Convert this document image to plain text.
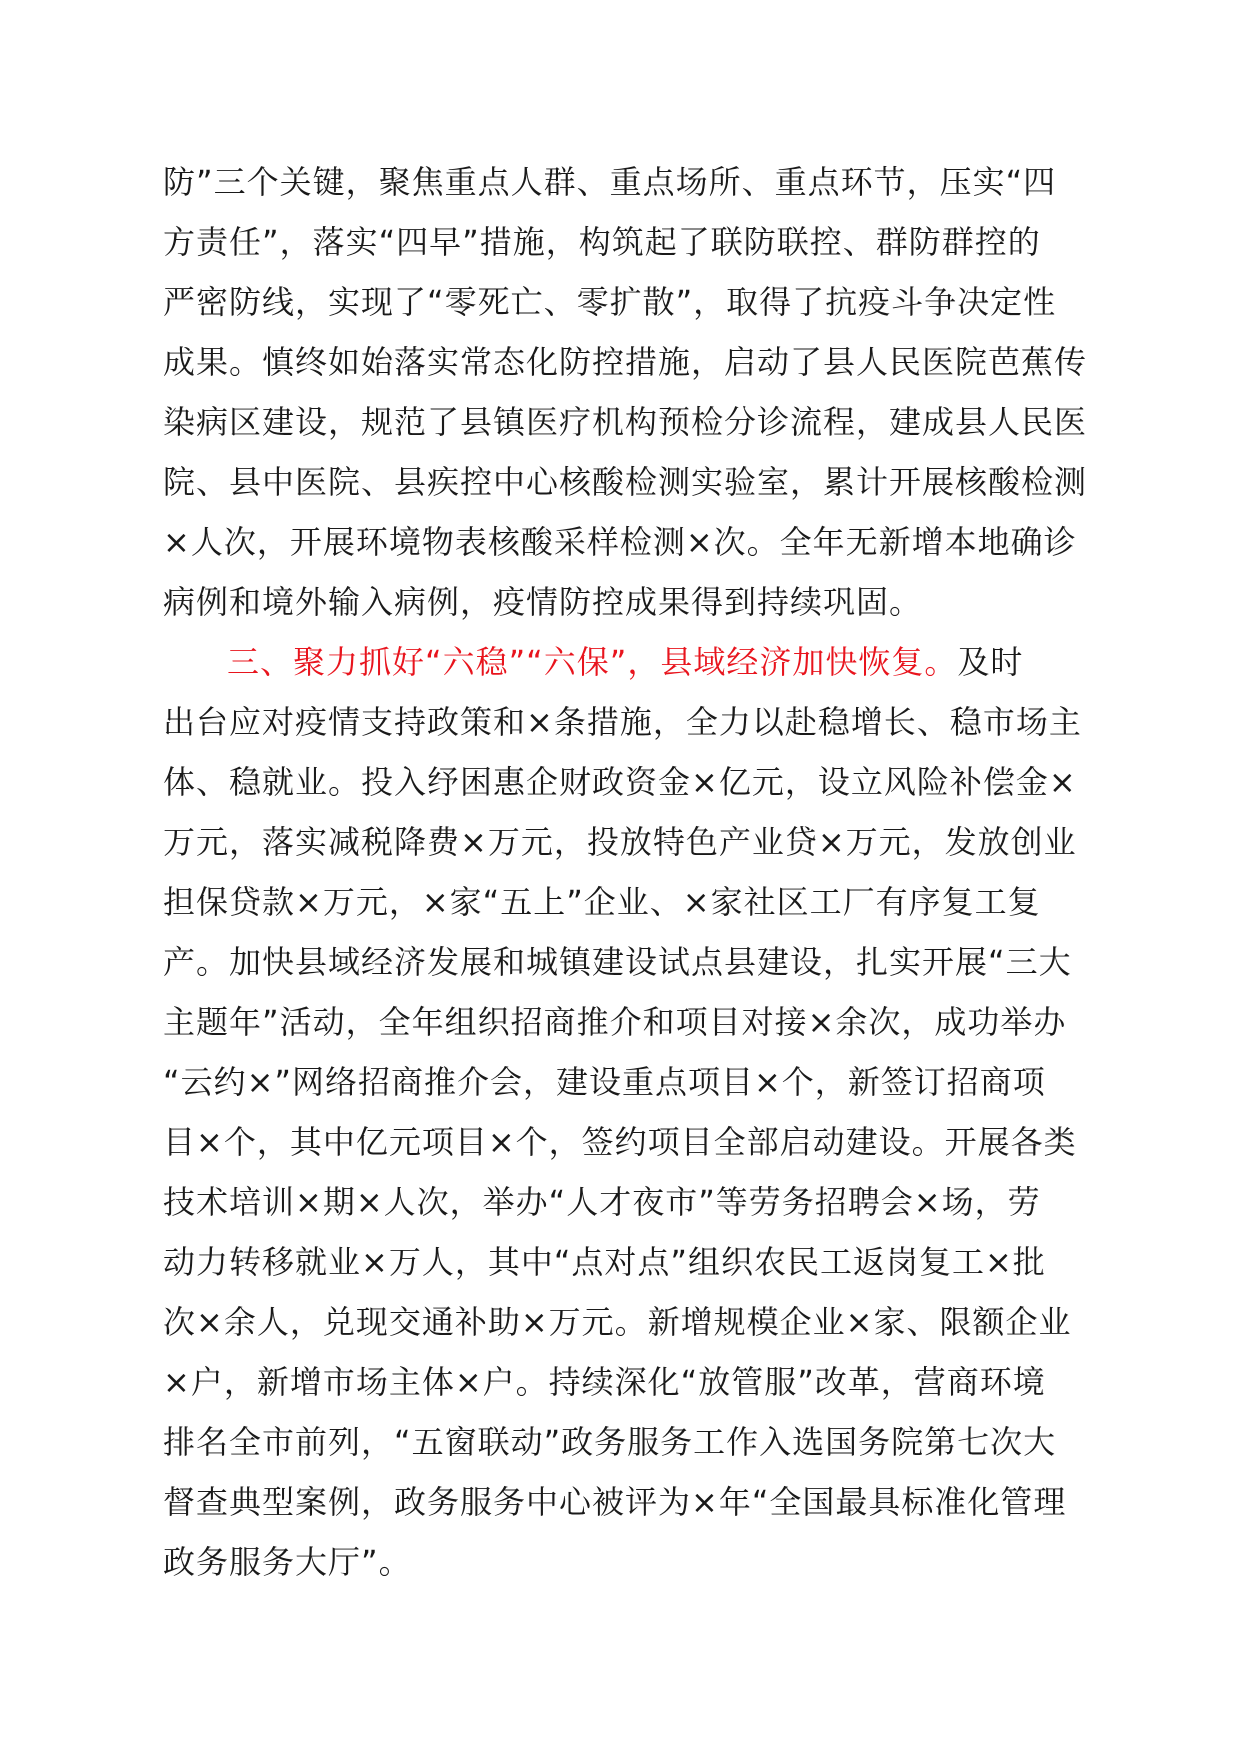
防”三个关键，聚焦重点人群、重点场所、重点环节，压实“四
方责任”，落实“四早”措施，构筑起了联防联控、群防群控的
严密防线，实现了“零死亡、零扩散”，取得了抗疫斗争决定性
成果。慎终如始落实常态化防控措施，启动了县人民医院芭蕉传
染病区建设，规范了县镇医疗机构预检分诊流程，建成县人民医
院、县中医院、县疾控中心核酸检测实验室，累计开展核酸检测
×人次，开展环境物表核酸采样检测×次。全年无新增本地确诊
病例和境外输入病例，疫情防控成果得到持续巩固。
三、聚力抓好“六稳”“六保”，县域经济加快恢复。及时
出台应对疫情支持政策和×条措施，全力以赴稳增长、稳市场主
体、稳就业。投入纾困惠企财政资金×亿元，设立风险补偿金×
万元，落实减税降费×万元，投放特色产业贷×万元，发放创业
担保贷款×万元，×家“五上”企业、×家社区工厂有序复工复
产。加快县域经济发展和城镇建设试点县建设，扎实开展“三大
主题年”活动，全年组织招商推介和项目对接×余次，成功举办
“云约×”网络招商推介会，建设重点项目×个，新签订招商项
目×个，其中亿元项目×个，签约项目全部启动建设。开展各类
技术培训×期×人次，举办“人才夜市”等劳务招聘会×场，劳
动力转移就业×万人，其中“点对点”组织农民工返岗复工×批
次×余人，兑现交通补助×万元。新增规模企业×家、限额企业
×户，新增市场主体×户。持续深化“放管服”改革，营商环境
排名全市前列，“五窗联动”政务服务工作入选国务院第七次大
督查典型案例，政务服务中心被评为×年“全国最具标准化管理
政务服务大厅”。
